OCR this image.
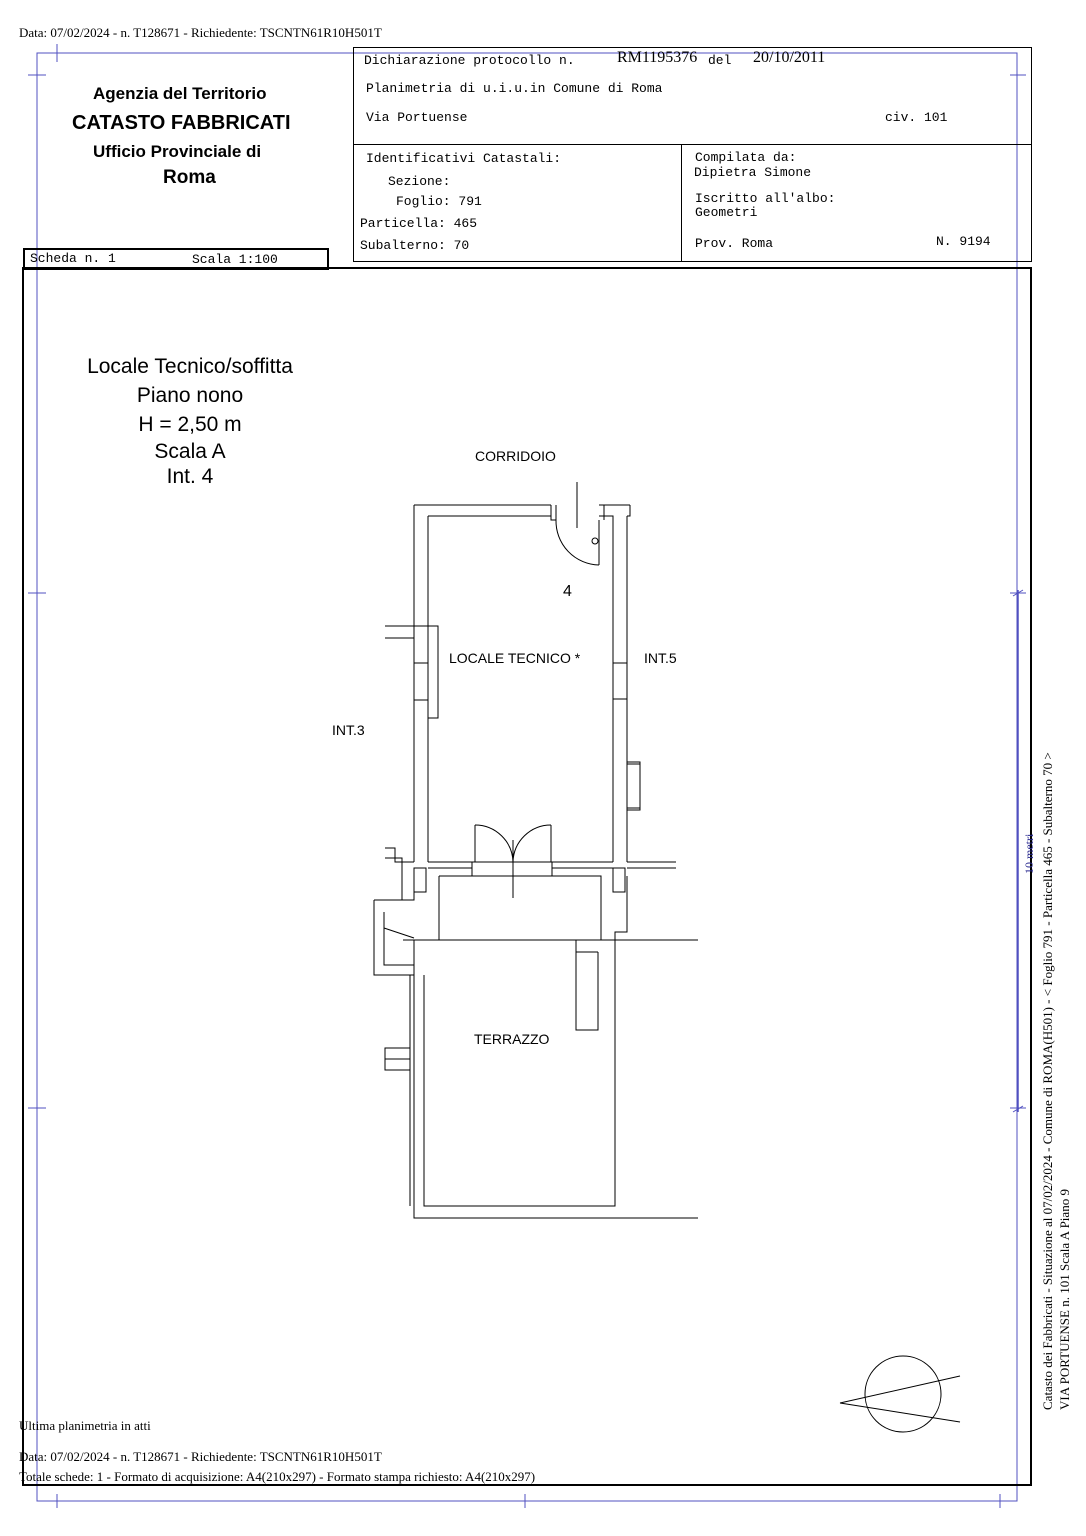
Data: 07/02/2024 - n. T128671 - Richiedente: TSCNTN61R10H501T
Agenzia del Territorio
CATASTO FABBRICATI
Ufficio Provinciale di
Roma
Scheda n. 1	Scala 1:100
Dichiarazione protocollo n.	RM1195376 del 20/10/2011
Planimetria di u.i.u.in Comune di Roma
Via Portuense	civ. 101
Identificativi Catastali:
Sezione:
Foglio: 791
Particella: 465
Subalterno: 70
Compilata da:
Dipietra Simone
Iscritto all'albo:
Geometri
Prov. Roma	N. 9194
Locale Tecnico/soffitta
Piano nono
H = 2,50 m
Scala A
Int. 4
CORRIDOIO
4
LOCALE TECNICO *	INT.5
INT.3
TERRAZZO	Catasto dei Fabbricati - Situazione al 07/02/2024 - Comune di ROMA(H501) - < Foglio 791 - Particella 465 - Subalterno 70 > VIA PORTUENSE n. 101 Scala A Piano 9
10 metri
Ultima planimetria in atti
Data: 07/02/2024 - n. T128671 - Richiedente: TSCNTN61R10H501T
Totale schede: 1 - Formato di acquisizione: A4(210x297) - Formato stampa richiesto: A4(210x297)
